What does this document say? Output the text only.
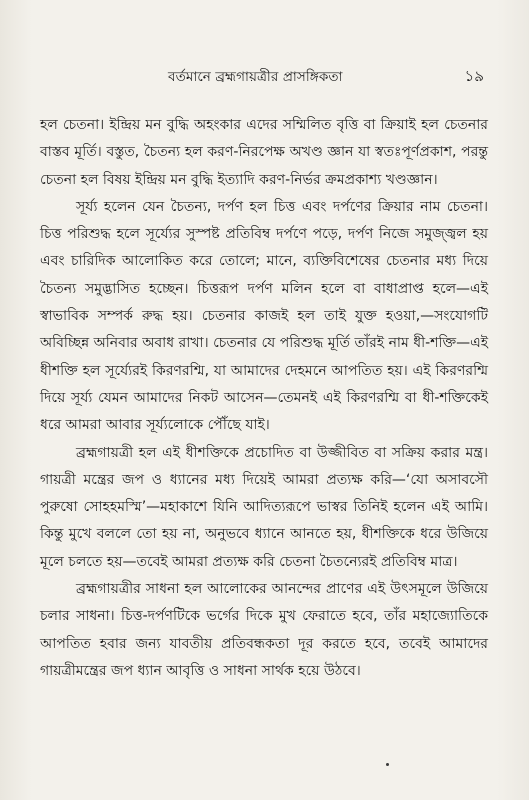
বর্তমানে ব্রহ্মগায়ত্রীর প্রাসঙ্গিকতা	১৯

হল চেতনা। ইন্দ্রিয় মন বুদ্ধি অহংকার এদের সম্মিলিত বৃত্তি বা ক্রিয়াই হল চেতনার বাস্তব মূর্তি। বস্তুত, চৈতন্য হল করণ-নিরপেক্ষ অখণ্ড জ্ঞান যা স্বতঃপূর্ণপ্রকাশ, পরন্তু চেতনা হল বিষয় ইন্দ্রিয় মন বুদ্ধি ইত্যাদি করণ-নির্ভর ক্রমপ্রকাশ্য খণ্ডজ্ঞান।

সূর্য্য হলেন যেন চৈতন্য, দর্পণ হল চিত্ত এবং দর্পণের ক্রিয়ার নাম চেতনা। চিত্ত পরিশুদ্ধ হলে সূর্য্যের সুস্পষ্ট প্রতিবিম্ব দর্পণে পড়ে, দর্পণ নিজে সমুজ্জ্বল হয় এবং চারিদিক আলোকিত করে তোলে; মানে, ব্যক্তিবিশেষের চেতনার মধ্য দিয়ে চৈতন্য সমুদ্ভাসিত হচ্ছেন। চিত্তরূপ দর্পণ মলিন হলে বা বাধাপ্রাপ্ত হলে—এই স্বাভাবিক সম্পর্ক রুদ্ধ হয়। চেতনার কাজই হল তাই যুক্ত হওয়া,—সংযোগটি অবিচ্ছিন্ন অনিবার অবাধ রাখা। চেতনার যে পরিশুদ্ধ মূর্তি তাঁরই নাম ধী-শক্তি—এই ধীশক্তি হল সূর্য্যেরই কিরণরশ্মি, যা আমাদের দেহমনে আপতিত হয়। এই কিরণরশ্মি দিয়ে সূর্য্য যেমন আমাদের নিকট আসেন—তেমনই এই কিরণরশ্মি বা ধী-শক্তিকেই ধরে আমরা আবার সূর্য্যলোকে পৌঁছে যাই।

ব্রহ্মগায়ত্রী হল এই ধীশক্তিকে প্রচোদিত বা উজ্জীবিত বা সক্রিয় করার মন্ত্র। গায়ত্রী মন্ত্রের জপ ও ধ্যানের মধ্য দিয়েই আমরা প্রত্যক্ষ করি—‘যো অসাবসৌ পুরুষো সোহহমস্মি’—মহাকাশে যিনি আদিত্যরূপে ভাস্বর তিনিই হলেন এই আমি। কিন্তু মুখে বললে তো হয় না, অনুভবে ধ্যানে আনতে হয়, ধীশক্তিকে ধরে উজিয়ে মূলে চলতে হয়—তবেই আমরা প্রত্যক্ষ করি চেতনা চৈতন্যেরই প্রতিবিম্ব মাত্র।

ব্রহ্মগায়ত্রীর সাধনা হল আলোকের আনন্দের প্রাণের এই উৎসমূলে উজিয়ে চলার সাধনা। চিত্ত-দর্পণটিকে ভর্গের দিকে মুখ ফেরাতে হবে, তাঁর মহাজ্যোতিকে আপতিত হবার জন্য যাবতীয় প্রতিবন্ধকতা দূর করতে হবে, তবেই আমাদের গায়ত্রীমন্ত্রের জপ ধ্যান আবৃত্তি ও সাধনা সার্থক হয়ে উঠবে।
